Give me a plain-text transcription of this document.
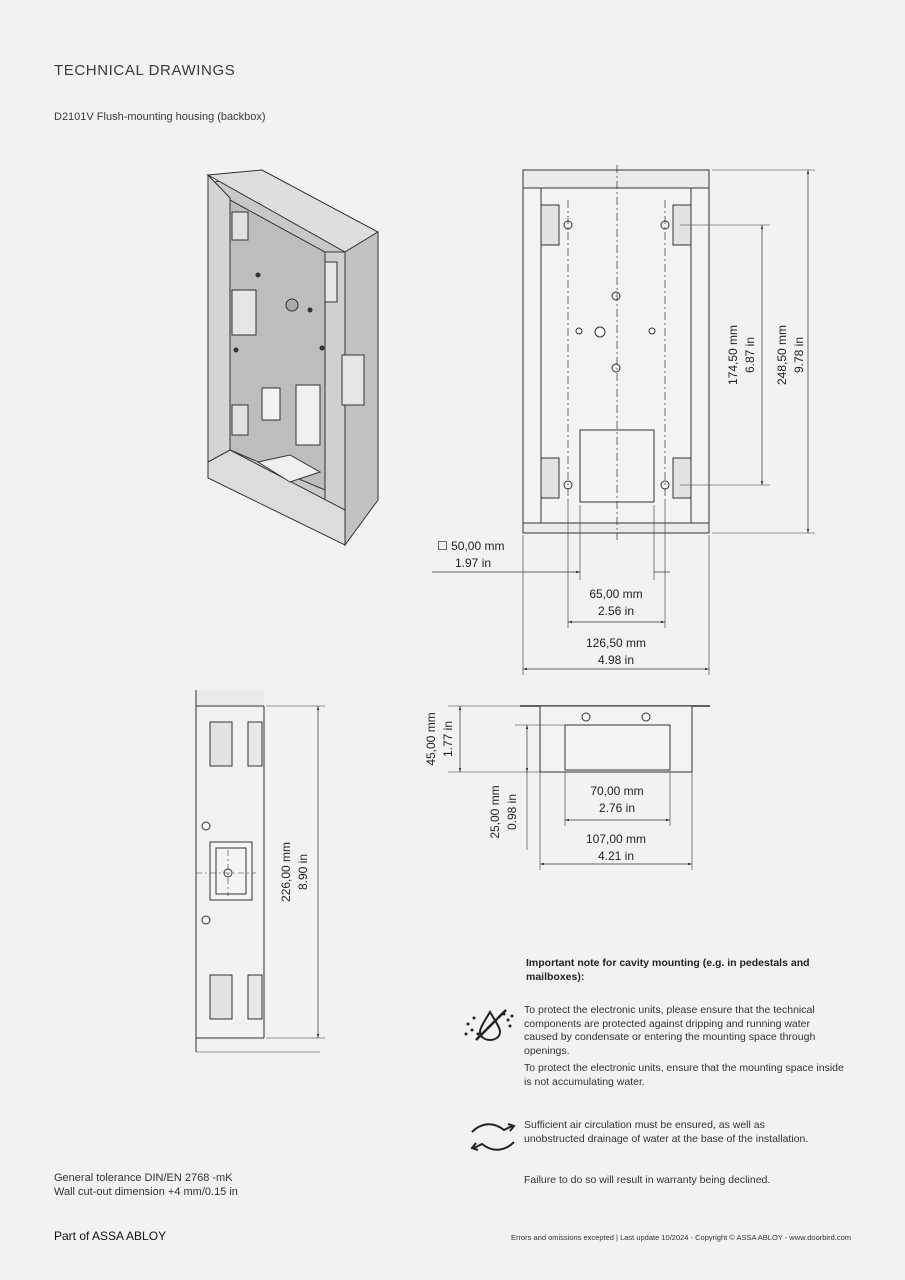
TECHNICAL DRAWINGS
D2101V Flush-mounting housing (backbox)
174,50 mm 6.87 in 248,50 mm 9.78 in
☐ 50,00 mm
1.97 in
65,00 mm
2.56 in
126,50 mm
4.98 in
45,00 mm 1.77 in
25,00 mm 0.98 in
70,00 mm
2.76 in
107,00 mm
4.21 in
226,00 mm 8.90 in
Important note for cavity mounting (e.g. in pedestals and mailboxes):
To protect the electronic units, please ensure that the technical components are protected against dripping and running water caused by condensate or entering the mounting space through openings.
To protect the electronic units, ensure that the mounting space inside is not accumulating water.
Sufficient air circulation must be ensured, as well as unobstructed drainage of water at the base of the installation.
Failure to do so will result in warranty being declined.
General tolerance DIN/EN 2768 -mK
Wall cut-out dimension +4 mm/0.15 in
Part of ASSA ABLOY	Errors and omissions excepted | Last update 10/2024 - Copyright © ASSA ABLOY - www.doorbird.com
